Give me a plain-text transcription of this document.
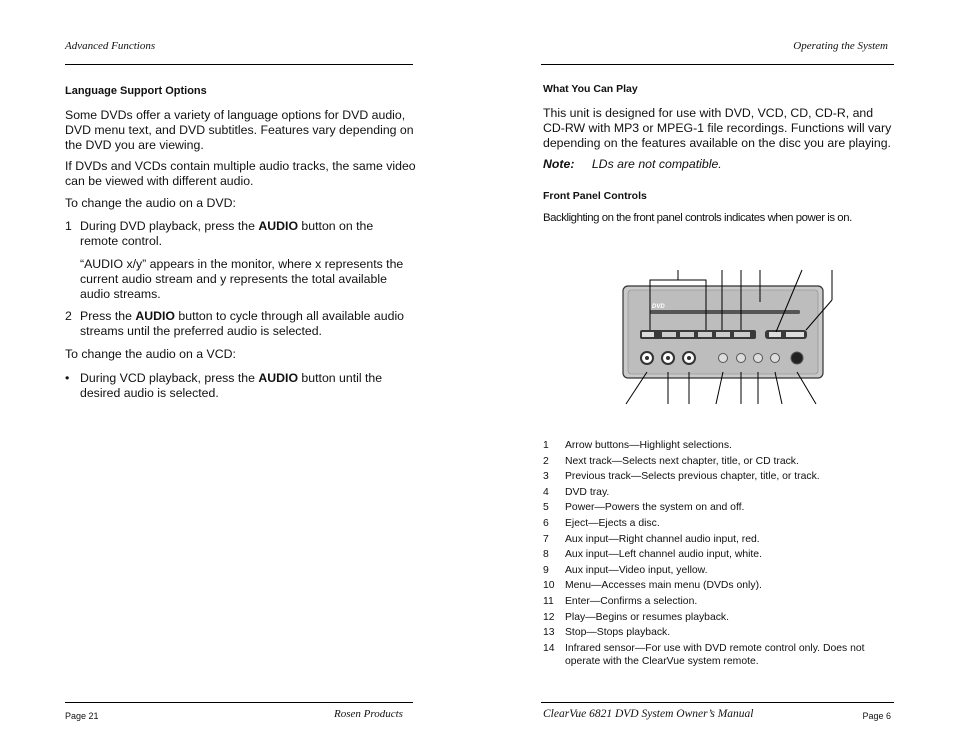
Advanced Functions
Language Support Options
Some DVDs offer a variety of language options for DVD audio, DVD menu text, and DVD subtitles. Features vary depending on the DVD you are viewing.
If DVDs and VCDs contain multiple audio tracks, the same video can be viewed with different audio.
To change the audio on a DVD:
1 During DVD playback, press the AUDIO button on the remote control.
“AUDIO x/y” appears in the monitor, where x represents the current audio stream and y represents the total available audio streams.
2 Press the AUDIO button to cycle through all available audio streams until the preferred audio is selected.
To change the audio on a VCD:
• During VCD playback, press the AUDIO button until the desired audio is selected.
Page 21	Rosen Products
Operating the System
What You Can Play
This unit is designed for use with DVD, VCD, CD, CD-R, and CD-RW with MP3 or MPEG-1 file recordings. Functions will vary depending on the features available on the disc you are playing.
Note: LDs are not compatible.
Front Panel Controls
Backlighting on the front panel controls indicates when power is on.
DVD
1	Arrow buttons—Highlight selections.
2	Next track—Selects next chapter, title, or CD track.
3	Previous track—Selects previous chapter, title, or track.
4	DVD tray.
5	Power—Powers the system on and off.
6	Eject—Ejects a disc.
7	Aux input—Right channel audio input, red.
8	Aux input—Left channel audio input, white.
9	Aux input—Video input, yellow.
10	Menu—Accesses main menu (DVDs only).
11	Enter—Confirms a selection.
12	Play—Begins or resumes playback.
13	Stop—Stops playback.
14	Infrared sensor—For use with DVD remote control only. Does not operate with the ClearVue system remote.
ClearVue 6821 DVD System Owner’s Manual	Page 6
